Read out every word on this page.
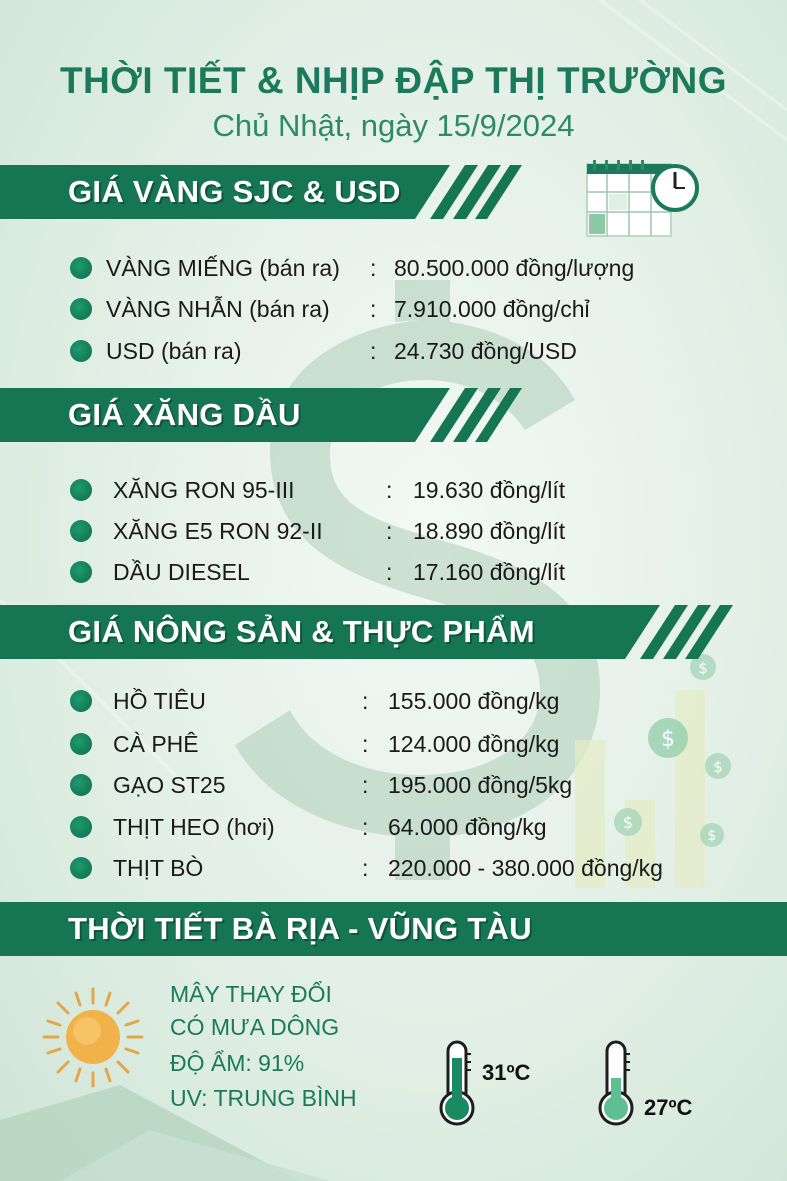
$
$
$
$
$
THỜI TIẾT & NHỊP ĐẬP THỊ TRƯỜNG
Chủ Nhật, ngày 15/9/2024
GIÁ VÀNG SJC & USD
VÀNG MIẾNG (bán ra) : 80.500.000 đồng/lượng
VÀNG NHẪN (bán ra) : 7.910.000 đồng/chỉ
USD (bán ra)	: 24.730 đồng/USD
GIÁ XĂNG DẦU
XĂNG RON 95-III	: 19.630 đồng/lít
XĂNG E5 RON 92-II	: 18.890 đồng/lít
DẦU DIESEL	: 17.160 đồng/lít
GIÁ NÔNG SẢN & THỰC PHẨM
HỒ TIÊU	: 155.000 đồng/kg
CÀ PHÊ	: 124.000 đồng/kg
GẠO ST25	: 195.000 đồng/5kg
THỊT HEO (hơi)	: 64.000 đồng/kg
THỊT BÒ	: 220.000 - 380.000 đồng/kg
THỜI TIẾT BÀ RỊA - VŨNG TÀU
MÂY THAY ĐỔI
CÓ MƯA DÔNG
ĐỘ ẨM: 91%
UV: TRUNG BÌNH
31ºC
27ºC
